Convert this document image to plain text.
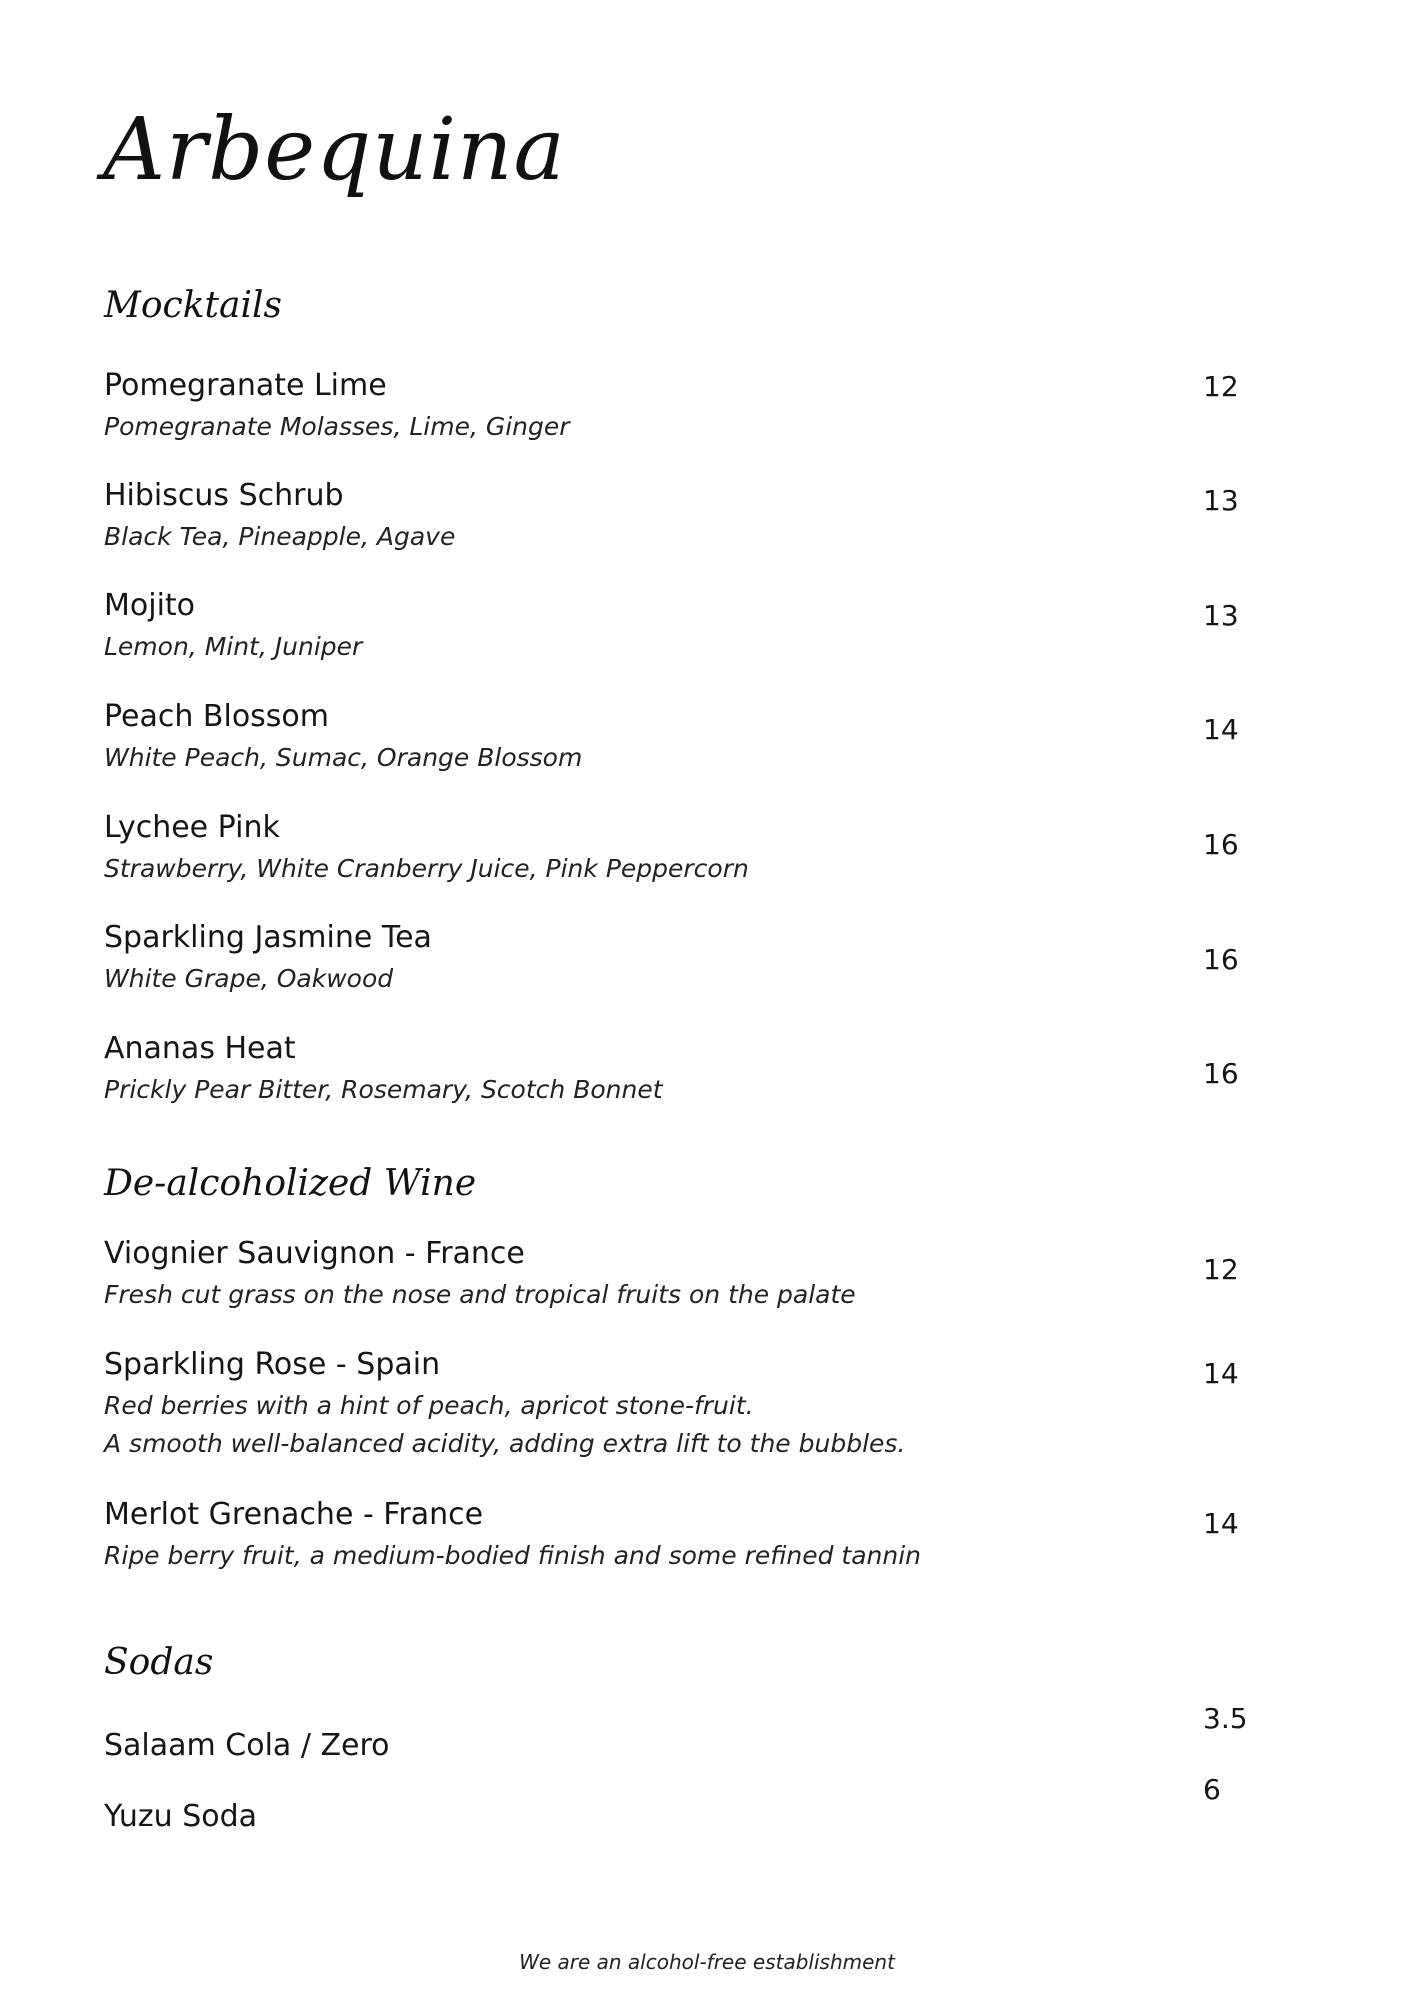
Arbequina
Mocktails
Pomegranate Lime
Pomegranate Molasses, Lime, Ginger
12
Hibiscus Schrub
Black Tea, Pineapple, Agave
13
Mojito
Lemon, Mint, Juniper
13
Peach Blossom
White Peach, Sumac, Orange Blossom
14
Lychee Pink
Strawberry, White Cranberry Juice, Pink Peppercorn
16
Sparkling Jasmine Tea
White Grape, Oakwood
16
Ananas Heat
Prickly Pear Bitter, Rosemary, Scotch Bonnet	16
De-alcoholized Wine
Viognier Sauvignon - France
Fresh cut grass on the nose and tropical fruits on the palate
12
Sparkling Rose - Spain
Red berries with a hint of peach, apricot stone-fruit.
A smooth well-balanced acidity, adding extra lift to the bubbles.
14
Merlot Grenache - France
Ripe berry fruit, a medium-bodied finish and some refined tannin
14
Sodas
3.5
Salaam Cola / Zero
6
Yuzu Soda
We are an alcohol-free establishment
